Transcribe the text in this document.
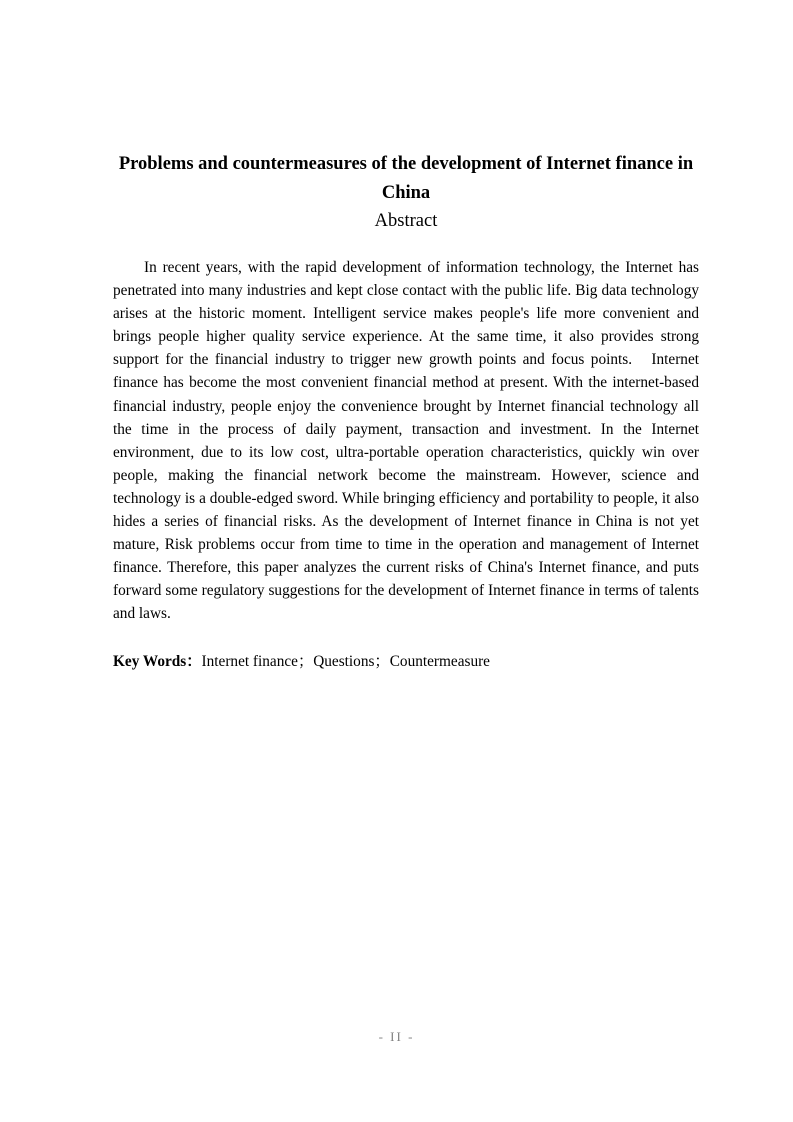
Problems and countermeasures of the development of Internet finance in China
Abstract

In recent years, with the rapid development of information technology, the Internet has penetrated into many industries and kept close contact with the public life. Big data technology arises at the historic moment. Intelligent service makes people's life more convenient and brings people higher quality service experience. At the same time, it also provides strong support for the financial industry to trigger new growth points and focus points.   Internet finance has become the most convenient financial method at present. With the internet-based financial industry, people enjoy the convenience brought by Internet financial technology all the time in the process of daily payment, transaction and investment. In the Internet environment, due to its low cost, ultra-portable operation characteristics, quickly win over people, making the financial network become the mainstream. However, science and technology is a double-edged sword. While bringing efficiency and portability to people, it also hides a series of financial risks. As the development of Internet finance in China is not yet mature, Risk problems occur from time to time in the operation and management of Internet finance. Therefore, this paper analyzes the current risks of China's Internet finance, and puts forward some regulatory suggestions for the development of Internet finance in terms of talents and laws.

Key Words：Internet finance；Questions；Countermeasure

- II -
